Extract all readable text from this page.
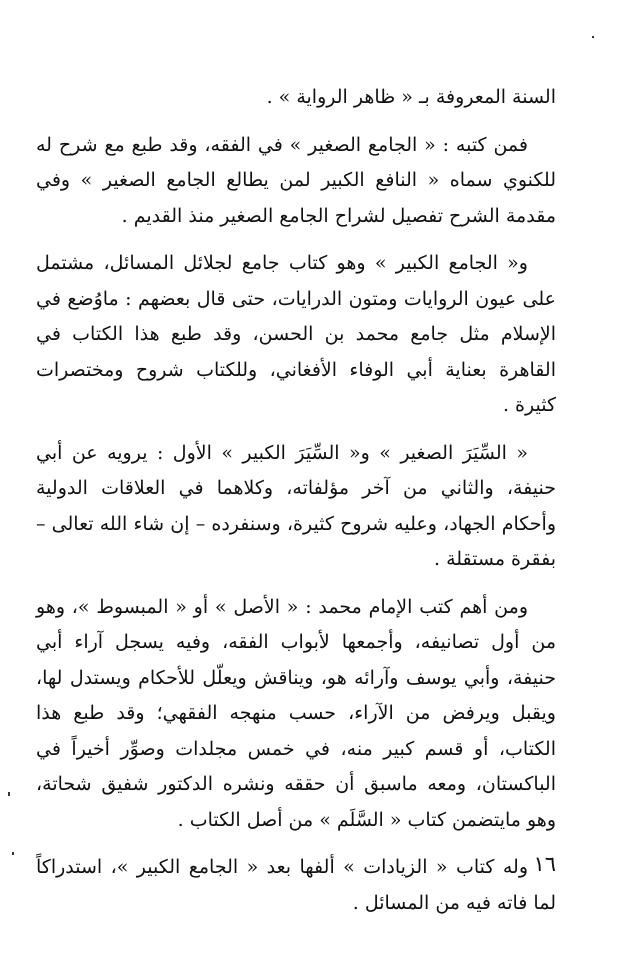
السنة المعروفة بـ « ظاهر الرواية » .

فمن كتبه : « الجامع الصغير » في الفقه، وقد طبع مع شرح له للكنوي سماه « النافع الكبير لمن يطالع الجامع الصغير » وفي مقدمة الشرح تفصيل لشراح الجامع الصغير منذ القديم .

و« الجامع الكبير » وهو كتاب جامع لجلائل المسائل، مشتمل على عيون الروايات ومتون الدرايات، حتى قال بعضهم : ماوُضع في الإسلام مثل جامع محمد بن الحسن، وقد طبع هذا الكتاب في القاهرة بعناية أبي الوفاء الأفغاني، وللكتاب شروح ومختصرات كثيرة .

« السِّيَرَ الصغير » و« السِّيَرَ الكبير » الأول : يرويه عن أبي حنيفة، والثاني من آخر مؤلفاته، وكلاهما في العلاقات الدولية وأحكام الجهاد، وعليه شروح كثيرة، وسنفرده – إن شاء الله تعالى – بفقرة مستقلة .

ومن أهم كتب الإمام محمد : « الأصل » أو « المبسوط »، وهو من أول تصانيفه، وأجمعها لأبواب الفقه، وفيه يسجل آراء أبي حنيفة، وأبي يوسف وآرائه هو، ويناقش ويعلّل للأحكام ويستدل لها، ويقبل ويرفض من الآراء، حسب منهجه الفقهي؛ وقد طبع هذا الكتاب، أو قسم كبير منه، في خمس مجلدات وصوِّر أخيراً في الباكستان، ومعه ماسبق أن حققه ونشره الدكتور شفيق شحاتة، وهو مايتضمن كتاب « السَّلَم » من أصل الكتاب .

وله كتاب « الزيادات » ألفها بعد « الجامع الكبير »، استدراكاً لما فاته فيه من المسائل .

١٦
